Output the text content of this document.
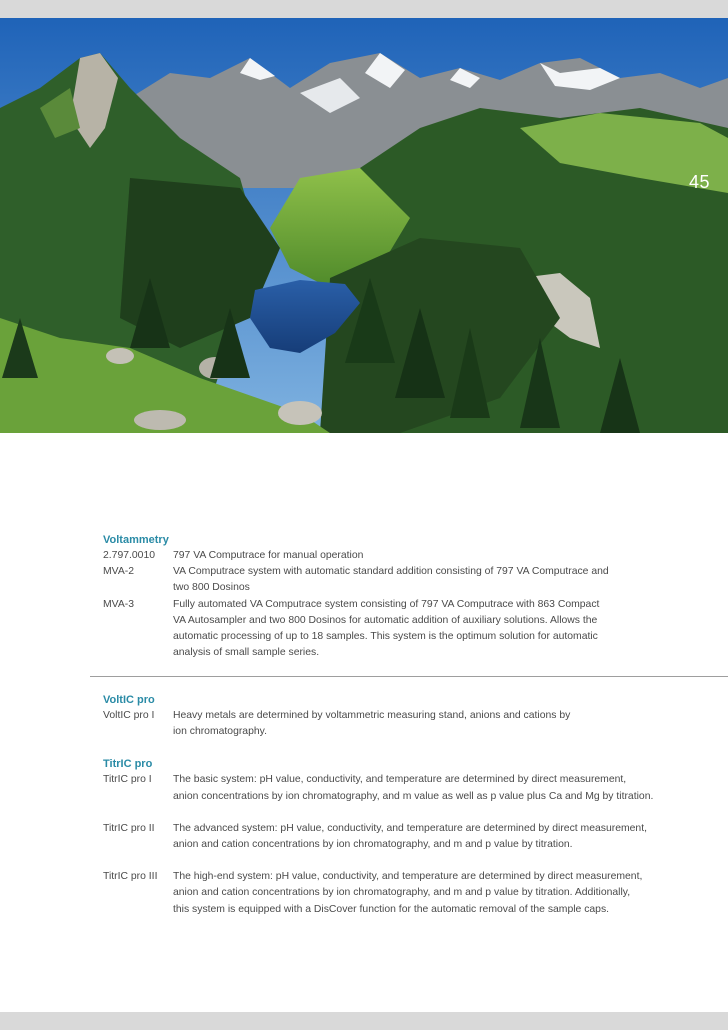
45

Voltammetry

2.797.0010	797 VA Computrace for manual operation
MVA-2	VA Computrace system with automatic standard addition consisting of 797 VA Computrace and
two 800 Dosinos
MVA-3	Fully automated VA Computrace system consisting of 797 VA Computrace with 863 Compact
VA Autosampler and two 800 Dosinos for automatic addition of auxiliary solutions. Allows the
automatic processing of up to 18 samples. This system is the optimum solution for automatic
analysis of small sample series.

VoltIC pro

VoltIC pro I	Heavy metals are determined by voltammetric measuring stand, anions and cations by
ion chromatography.

TitrIC pro

TitrIC pro I	The basic system: pH value, conductivity, and temperature are determined by direct measurement,
anion concentrations by ion chromatography, and m value as well as p value plus Ca and Mg by titration.
TitrIC pro II	The advanced system: pH value, conductivity, and temperature are determined by direct measurement,
anion and cation concentrations by ion chromatography, and m and p value by titration.
TitrIC pro III	The high-end system: pH value, conductivity, and temperature are determined by direct measurement,
anion and cation concentrations by ion chromatography, and m and p value by titration. Additionally,
this system is equipped with a DisCover function for the automatic removal of the sample caps.
